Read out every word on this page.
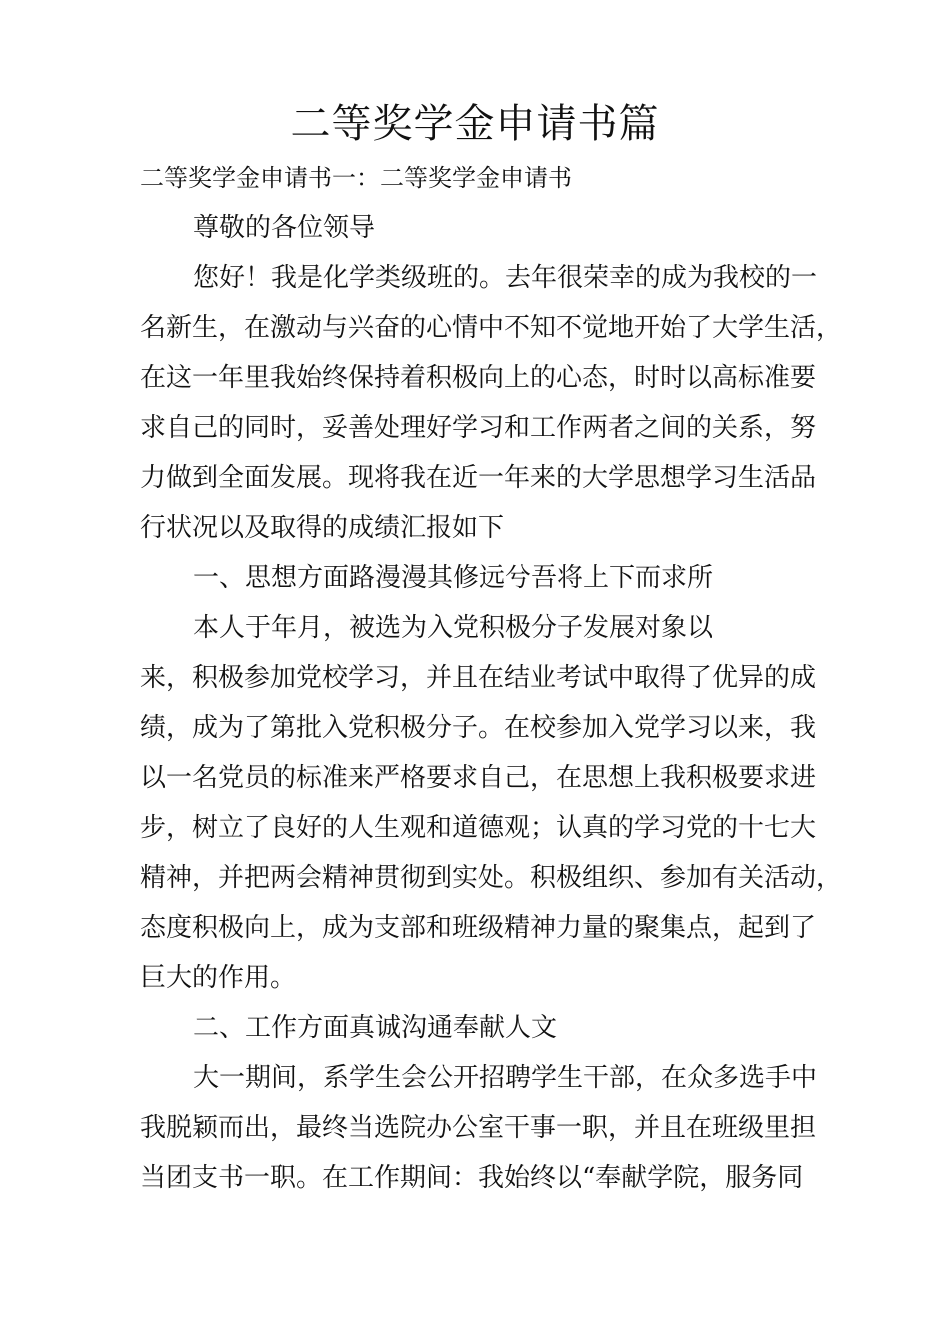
二等奖学金申请书篇
二等奖学金申请书一：二等奖学金申请书
尊敬的各位领导
您好！我是化学类级班的。去年很荣幸的成为我校的一
名新生，在激动与兴奋的心情中不知不觉地开始了大学生活，
在这一年里我始终保持着积极向上的心态，时时以高标准要
求自己的同时，妥善处理好学习和工作两者之间的关系，努
力做到全面发展。现将我在近一年来的大学思想学习生活品
行状况以及取得的成绩汇报如下
一、思想方面路漫漫其修远兮吾将上下而求所
本人于年月，被选为入党积极分子发展对象以
来，积极参加党校学习，并且在结业考试中取得了优异的成
绩，成为了第批入党积极分子。在校参加入党学习以来，我
以一名党员的标准来严格要求自己，在思想上我积极要求进
步，树立了良好的人生观和道德观；认真的学习党的十七大
精神，并把两会精神贯彻到实处。积极组织、参加有关活动，
态度积极向上，成为支部和班级精神力量的聚集点，起到了
巨大的作用。
二、工作方面真诚沟通奉献人文
大一期间，系学生会公开招聘学生干部，在众多选手中
我脱颖而出，最终当选院办公室干事一职，并且在班级里担
当团支书一职。在工作期间：我始终以“奉献学院，服务同
